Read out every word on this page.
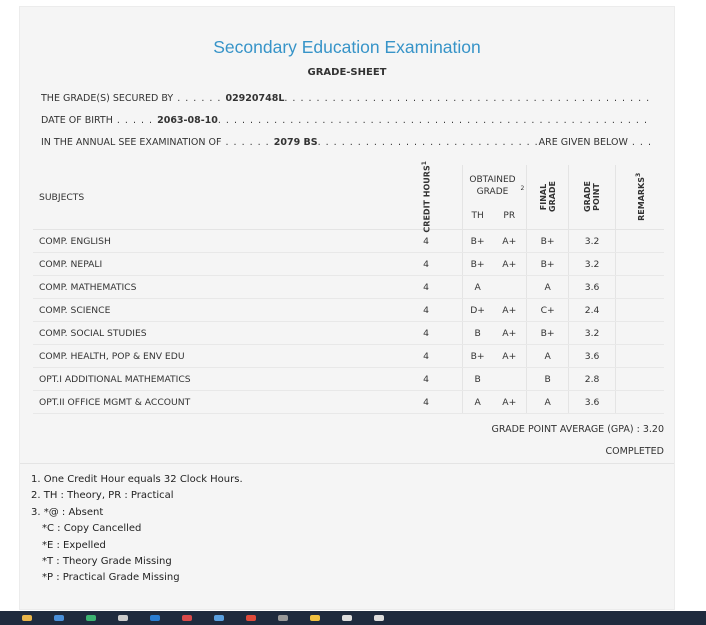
Secondary Education Examination
GRADE-SHEET
THE GRADE(S) SECURED BY . . . . . . 02920748L
. . .
DATE OF BIRTH . . . . . 2063-08-10
. . .
IN THE ANNUAL SEE EXAMINATION OF . . . . . . 2079 BS . . .	ARE GIVEN BELOW . . .
SUBJECTS	CREDIT HOURS$^1$	OBTAINED GRADE $^2$		FINAL GRADE	GRADE POINT	REMARKS$^3$
		TH	PR			
COMP. ENGLISH	4	B+	A+	B+	3.2	
COMP. NEPALI	4	B+	A+	B+	3.2	
COMP. MATHEMATICS	4	A		A	3.6	
COMP. SCIENCE	4	D+	A+	C+	2.4	
COMP. SOCIAL STUDIES	4	B	A+	B+	3.2	
COMP. HEALTH, POP & ENV EDU	4	B+	A+	A	3.6	
OPT.I ADDITIONAL MATHEMATICS	4	B		B	2.8	
OPT.II OFFICE MGMT & ACCOUNT	4	A	A+	A	3.6	
GRADE POINT AVERAGE (GPA) : 3.20
COMPLETED
1. One Credit Hour equals 32 Clock Hours.
2. TH : Theory, PR : Practical
3. *@ : Absent
*C : Copy Cancelled
*E : Expelled
*T : Theory Grade Missing
*P : Practical Grade Missing
